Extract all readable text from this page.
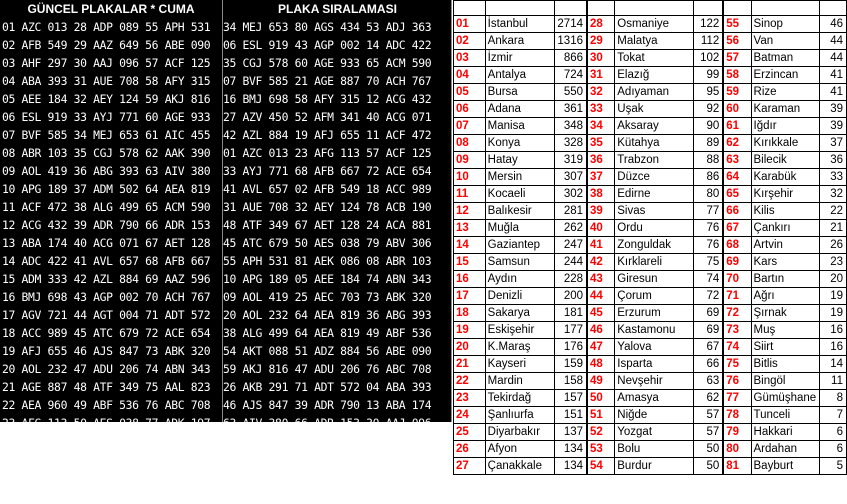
GÜNCEL PLAKALAR * CUMA	PLAKA SIRALAMASI
01 AZC 013 28 ADP 089 55 APH 531
02 AFB 549 29 AAZ 649 56 ABE 090
03 AHF 297 30 AAJ 096 57 ACF 125
04 ABA 393 31 AUE 708 58 AFY 315
05 AEE 184 32 AEY 124 59 AKJ 816
06 ESL 919 33 AYJ 771 60 AGE 933
07 BVF 585 34 MEJ 653 61 AIC 455
08 ABR 103 35 CGJ 578 62 AAK 390
09 AOL 419 36 ABG 393 63 AIV 380
10 APG 189 37 ADM 502 64 AEA 819
11 ACF 472 38 ALG 499 65 ACM 590
12 ACG 432 39 ADR 790 66 ADR 153
13 ABA 174 40 ACG 071 67 AET 128
14 ADC 422 41 AVL 657 68 AFB 667
15 ADM 333 42 AZL 884 69 AAZ 596
16 BMJ 698 43 AGP 002 70 ACH 767
17 AGV 721 44 AGT 004 71 ADT 572
18 ACC 989 45 ATC 679 72 ACE 654
19 AFJ 655 46 AJS 847 73 ABK 320
20 AOL 232 47 ADU 206 74 ABN 343
21 AGE 887 48 ATF 349 75 AAL 823
22 AEA 960 49 ABF 536 76 ABC 708
23 AFG 113 50 AES 038 77 ADK 197
24 ACA 881 51 ADZ 884 78 ACB 190
25 AEC 703 52 AFM 341 79 ABV 306
26 AKB 291 53 ADJ 363 80 AGS 434
27 AZV 450 54 AKT 088 81 AEK 086
34 MEJ 653 80 AGS 434 53 ADJ 363
06 ESL 919 43 AGP 002 14 ADC 422
35 CGJ 578 60 AGE 933 65 ACM 590
07 BVF 585 21 AGE 887 70 ACH 767
16 BMJ 698 58 AFY 315 12 ACG 432
27 AZV 450 52 AFM 341 40 ACG 071
42 AZL 884 19 AFJ 655 11 ACF 472
01 AZC 013 23 AFG 113 57 ACF 125
33 AYJ 771 68 AFB 667 72 ACE 654
41 AVL 657 02 AFB 549 18 ACC 989
31 AUE 708 32 AEY 124 78 ACB 190
48 ATF 349 67 AET 128 24 ACA 881
45 ATC 679 50 AES 038 79 ABV 306
55 APH 531 81 AEK 086 08 ABR 103
10 APG 189 05 AEE 184 74 ABN 343
09 AOL 419 25 AEC 703 73 ABK 320
20 AOL 232 64 AEA 819 36 ABG 393
38 ALG 499 64 AEA 819 49 ABF 536
54 AKT 088 51 ADZ 884 56 ABE 090
59 AKJ 816 47 ADU 206 76 ABC 708
26 AKB 291 71 ADT 572 04 ABA 393
46 AJS 847 39 ADR 790 13 ABA 174
63 AIV 380 66 ADR 153 30 AAJ 096
61 AIC 455 28 ADP 089 29 AAZ 649
03 AHF 297 37 ADM 502 75 AAL 823
17 AGV 721 15 ADM 333 62 AAK 390
44 AGT 004 77 ADK 197 30 AAJ 096

01	İstanbul	2714	28	Osmaniye	122	55	Sinop	46
02	Ankara	1316	29	Malatya	112	56	Van	44
03	İzmir	866	30	Tokat	102	57	Batman	44
04	Antalya	724	31	Elazığ	99	58	Erzincan	41
05	Bursa	550	32	Adıyaman	95	59	Rize	41
06	Adana	361	33	Uşak	92	60	Karaman	39
07	Manisa	348	34	Aksaray	90	61	Iğdır	39
08	Konya	328	35	Kütahya	89	62	Kırıkkale	37
09	Hatay	319	36	Trabzon	88	63	Bilecik	36
10	Mersin	307	37	Düzce	86	64	Karabük	33
11	Kocaeli	302	38	Edirne	80	65	Kırşehir	32
12	Balıkesir	281	39	Sivas	77	66	Kilis	22
13	Muğla	262	40	Ordu	76	67	Çankırı	21
14	Gaziantep	247	41	Zonguldak	76	68	Artvin	26
15	Samsun	244	42	Kırklareli	75	69	Kars	23
16	Aydın	228	43	Giresun	74	70	Bartın	20
17	Denizli	200	44	Çorum	72	71	Ağrı	19
18	Sakarya	181	45	Erzurum	69	72	Şırnak	19
19	Eskişehir	177	46	Kastamonu	69	73	Muş	16
20	K.Maraş	176	47	Yalova	67	74	Siirt	16
21	Kayseri	159	48	Isparta	66	75	Bitlis	14
22	Mardin	158	49	Nevşehir	63	76	Bingöl	11
23	Tekirdağ	157	50	Amasya	62	77	Gümüşhane	8
24	Şanlıurfa	151	51	Niğde	57	78	Tunceli	7
25	Diyarbakır	137	52	Yozgat	57	79	Hakkari	6
26	Afyon	134	53	Bolu	50	80	Ardahan	6
27	Çanakkale	134	54	Burdur	50	81	Bayburt	5
